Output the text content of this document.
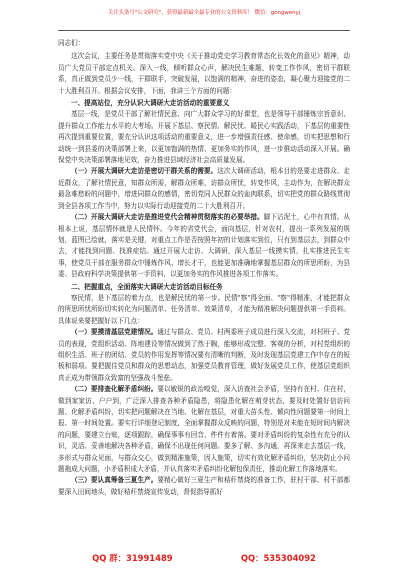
关注头条号"公文研究"，获得最新最全最专业的公文资料库！ 微信：gongwenyj

同志们：

这次会议，主要任务是贯彻落实党中央《关于推动党史学习教育常态化长效化的意见》精神，动员广大党员干部定点机关、深入一线，倾听群众心声，解决民生难题，转变工作作风，密切干群联系，真正做到党员少一线，干群联手，突破发展，以饱满的精神，奋进的姿态，凝心聚力迎接党的二十大胜利召开。根据会议安排，下面，我讲三个方面的问题：

一、提高站位，充分认识大调研大走访活动的重要意义

基层一线，是党员干部了解社情民意、向广大群众学习的好课堂，也是领导干部锤炼宗旨意识、提升群众工作能力水平的大考场。开展下基层、察民情、解民忧、暖民心实践活动，下基层的重要性再次提到重要位置，要充分认识这项活动的重要意义，进一步增强责任感、使命感，切实把思想和行动统一到县委的决策部署上来，以更加饱满的热情、更加务实的作风，进一步推动活动深入开展。确保党中央决策部署落地见效，奋力推进县域经济社会高质量发展。

（一）开展大调研大走访是密切干群关系的需要。这次大调研活动，根本目的是要走进群众、走近群众，了解社情民意，知群众所需，解群众所难，访群众所忧，转变作风，主动作为，在解决群众最急难愁盼的问题中，增进同群众的感情，密切党同人民群众的血肉联系，切实把党的群众路线贯彻到全县各项工作当中，努力以实际行动迎接党的二十大胜利召开。

（二）开展大调研大走访是推进党代会精神贯彻落实的必要举措。脚下沾泥土，心中有真情。从根本上说，基层情怀就是人民情怀。今年的省党代会，面向基层，针对农村，提出一系列发展的规划，蓝图已绘就，落实是关键，对重点工作是否按照年初的计划落实到位，只有到基层去，到群众中去，才能找到问题、找准症结。通过开展大走访、大调研，深入基层一线摸实情，扎实推进民生实事，使党员干部在服务群众中锤炼作风、增长才干，也能更加准确地掌握基层群众的所思所盼，为县委、县政府科学决策提供第一手资料，以更加务实的作风推进各项工作落实。

二、把握重点，全面落实大调研大走访活动目标任务

察民情，是下基层的着力点，也是解民忧的第一步。民情"察"得全面、"察"得精准，才能把群众的所思所忧所盼切实转化为问题清单、任务清单、效果清单，才能为精准解决问题提供第一手资料。具体说来要把握好以下几点：

（一）要摸清基层党建情况。通过与群众、党员、村两委班子成员进行深入交流，对村班子、党员的表现，党组织活动、阵地建设等情况做到了然于胸，能够形成完整、客观的分析，对村党组织的组织生活、班子的团结、党员的作用发挥等情况要有清晰的判断，及时发现基层党建工作中存在的短板和弱项。要把握住党员和群众的思想动态，加强党员教育管理，做好发展党员工作，使基层党组织真正成为带领群众致富的坚强战斗堡垒。

（二）要排查化解矛盾纠纷。要以敏锐的政治嗅觉，深入访查社会矛盾，坚持有在村、住在村，做到家家访、户户到，广泛深入排查各种矛盾隐患，将隐患化解在萌芽状态，要及时处置好信访问题、化解矛盾纠纷，切实把问题解决在当地、化解在基层，对重大苗头性、倾向性问题要第一时间上报、第一时间处置。要实行详细登记制度，全面掌握群众反映的问题，特别是对未能在短时间内解决的问题，要建立台账，逐项跟踪，确保事事有回音、件件有着落。要对矛盾纠纷的复杂性有充分的认识，灵活、妥善地解决各种矛盾，确保不出现任何问题。要多了解、多沟通，再深来走去基层一线，多形式与群众见面，与群众交心，做到精准施策，因人施策，切实有效化解矛盾纠纷，坚决防止小问题拖成大问题，小矛盾积成大矛盾，并认真落实矛盾纠纷化解包保责任，推动化解工作落地落实。

（三）要认真筹备三夏生产。要精心做好三夏生产和秸秆禁烧的准备工作，驻村干部、村干部都要深入田间地头，做好秸秆禁烧宣传发动，督促指导抓好

QQ 群：31991489	QQ：535304092
